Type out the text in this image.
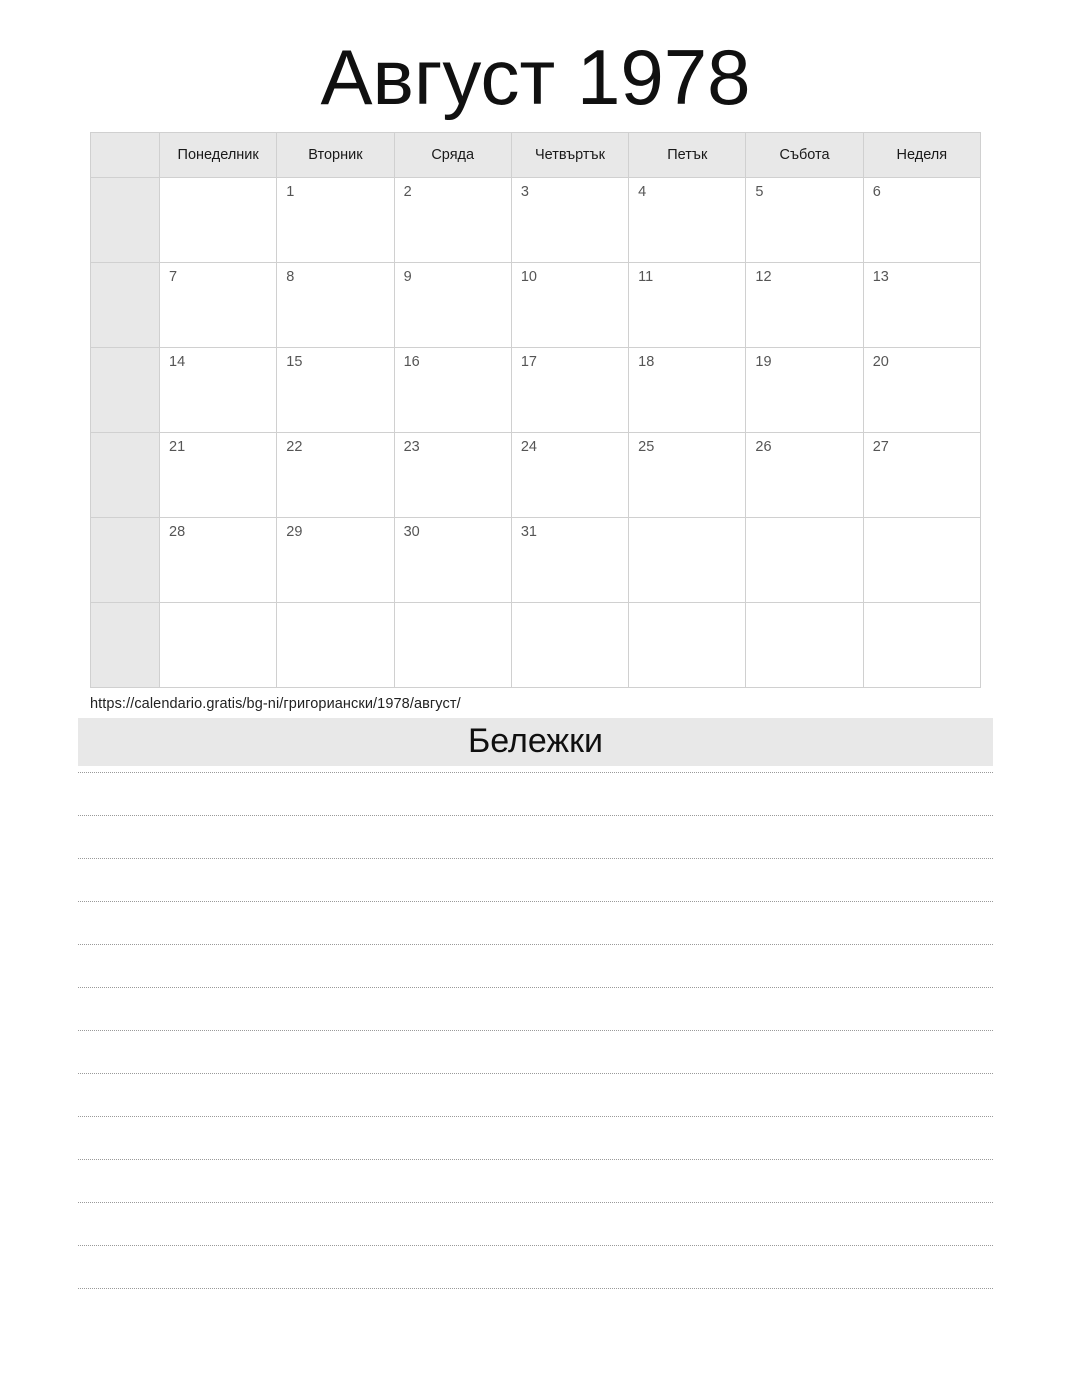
Август 1978
	Понеделник	Вторник	Сряда	Четвъртък	Петък	Събота	Неделя

		1	2	3	4	5	6

	7	8	9	10	11	12	13

	14	15	16	17	18	19	20

	21	22	23	24	25	26	27

	28	29	30	31			

https://calendario.gratis/bg-ni/григориански/1978/август/
Бележки
